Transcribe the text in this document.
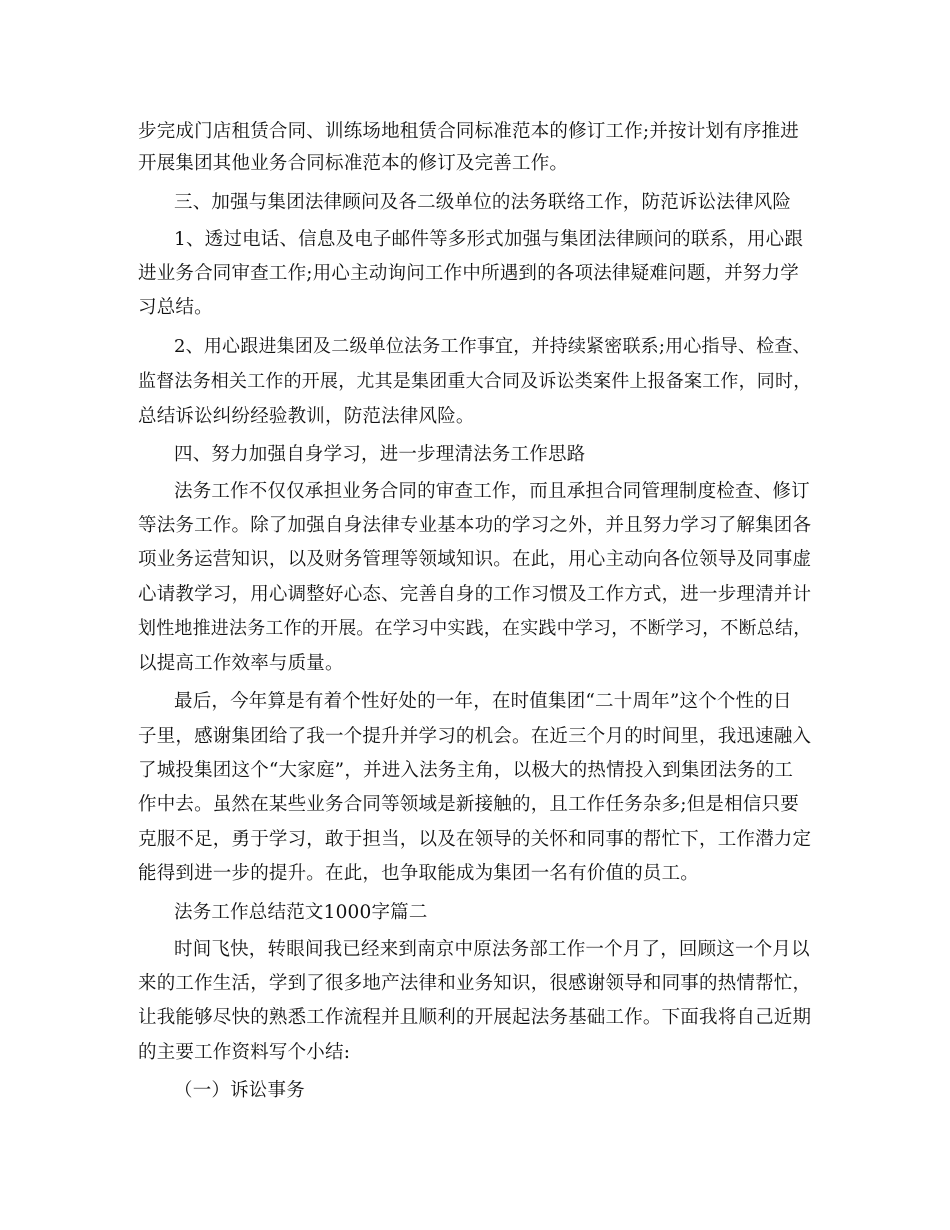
步完成门店租赁合同、训练场地租赁合同标准范本的修订工作;并按计划有序推进
开展集团其他业务合同标准范本的修订及完善工作。
三、加强与集团法律顾问及各二级单位的法务联络工作，防范诉讼法律风险
1、透过电话、信息及电子邮件等多形式加强与集团法律顾问的联系，用心跟
进业务合同审查工作;用心主动询问工作中所遇到的各项法律疑难问题，并努力学
习总结。
2、用心跟进集团及二级单位法务工作事宜，并持续紧密联系;用心指导、检查、
监督法务相关工作的开展，尤其是集团重大合同及诉讼类案件上报备案工作，同时，
总结诉讼纠纷经验教训，防范法律风险。
四、努力加强自身学习，进一步理清法务工作思路
法务工作不仅仅承担业务合同的审查工作，而且承担合同管理制度检查、修订
等法务工作。除了加强自身法律专业基本功的学习之外，并且努力学习了解集团各
项业务运营知识，以及财务管理等领域知识。在此，用心主动向各位领导及同事虚
心请教学习，用心调整好心态、完善自身的工作习惯及工作方式，进一步理清并计
划性地推进法务工作的开展。在学习中实践，在实践中学习，不断学习，不断总结，
以提高工作效率与质量。
最后，今年算是有着个性好处的一年，在时值集团“二十周年”这个个性的日
子里，感谢集团给了我一个提升并学习的机会。在近三个月的时间里，我迅速融入
了城投集团这个“大家庭”，并进入法务主角，以极大的热情投入到集团法务的工
作中去。虽然在某些业务合同等领域是新接触的，且工作任务杂多;但是相信只要
克服不足，勇于学习，敢于担当，以及在领导的关怀和同事的帮忙下，工作潜力定
能得到进一步的提升。在此，也争取能成为集团一名有价值的员工。
法务工作总结范文1000字篇二
时间飞快，转眼间我已经来到南京中原法务部工作一个月了，回顾这一个月以
来的工作生活，学到了很多地产法律和业务知识，很感谢领导和同事的热情帮忙，
让我能够尽快的熟悉工作流程并且顺利的开展起法务基础工作。下面我将自己近期
的主要工作资料写个小结:
（一）诉讼事务
